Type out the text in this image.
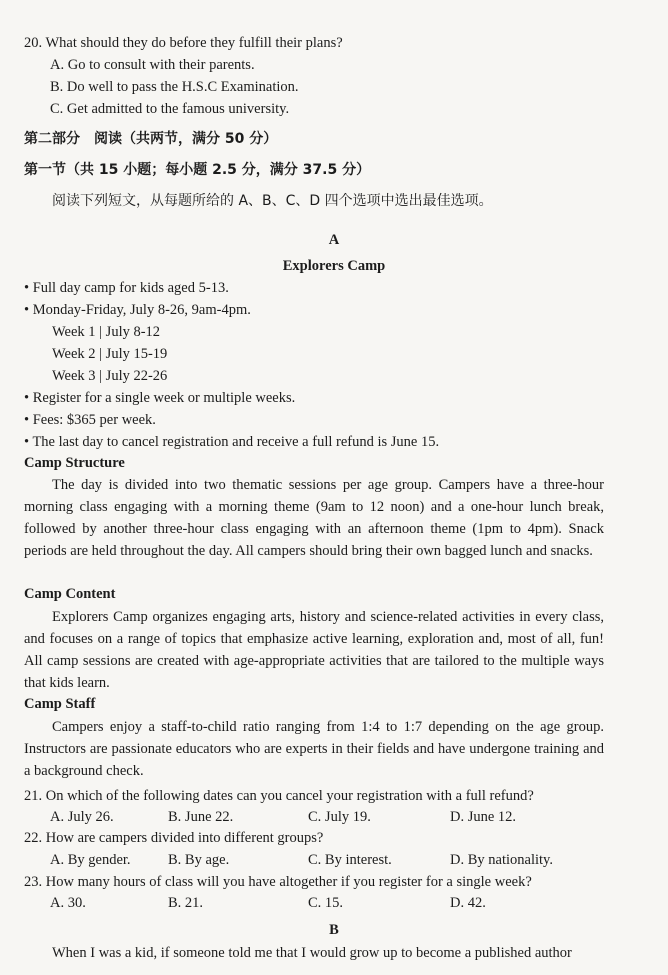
20. What should they do before they fulfill their plans?
A. Go to consult with their parents.
B. Do well to pass the H.S.C Examination.
C. Get admitted to the famous university.
第二部分　阅读（共两节，满分 50 分）
第一节（共 15 小题；每小题 2.5 分，满分 37.5 分）
阅读下列短文，从每题所给的 A、B、C、D 四个选项中选出最佳选项。
A
Explorers Camp
• Full day camp for kids aged 5-13.
• Monday-Friday, July 8-26, 9am-4pm.
Week 1 | July 8-12
Week 2 | July 15-19
Week 3 | July 22-26
• Register for a single week or multiple weeks.
• Fees: $365 per week.
• The last day to cancel registration and receive a full refund is June 15.
Camp Structure

The day is divided into two thematic sessions per age group. Campers have a three-hour morning class engaging with a morning theme (9am to 12 noon) and a one-hour lunch break, followed by another three-hour class engaging with an afternoon theme (1pm to 4pm). Snack periods are held throughout the day. All campers should bring their own bagged lunch and snacks.

Camp Content

Explorers Camp organizes engaging arts, history and science-related activities in every class, and focuses on a range of topics that emphasize active learning, exploration and, most of all, fun! All camp sessions are created with age-appropriate activities that are tailored to the multiple ways that kids learn.

Camp Staff

Campers enjoy a staff-to-child ratio ranging from 1:4 to 1:7 depending on the age group. Instructors are passionate educators who are experts in their fields and have undergone training and a background check.

21. On which of the following dates can you cancel your registration with a full refund?
A. July 26.	B. June 22.	C. July 19.	D. June 12.
22. How are campers divided into different groups?
A. By gender.	B. By age.	C. By interest.	D. By nationality.
23. How many hours of class will you have altogether if you register for a single week?
A. 30.	B. 21.	C. 15.	D. 42.
B
When I was a kid, if someone told me that I would grow up to become a published author
